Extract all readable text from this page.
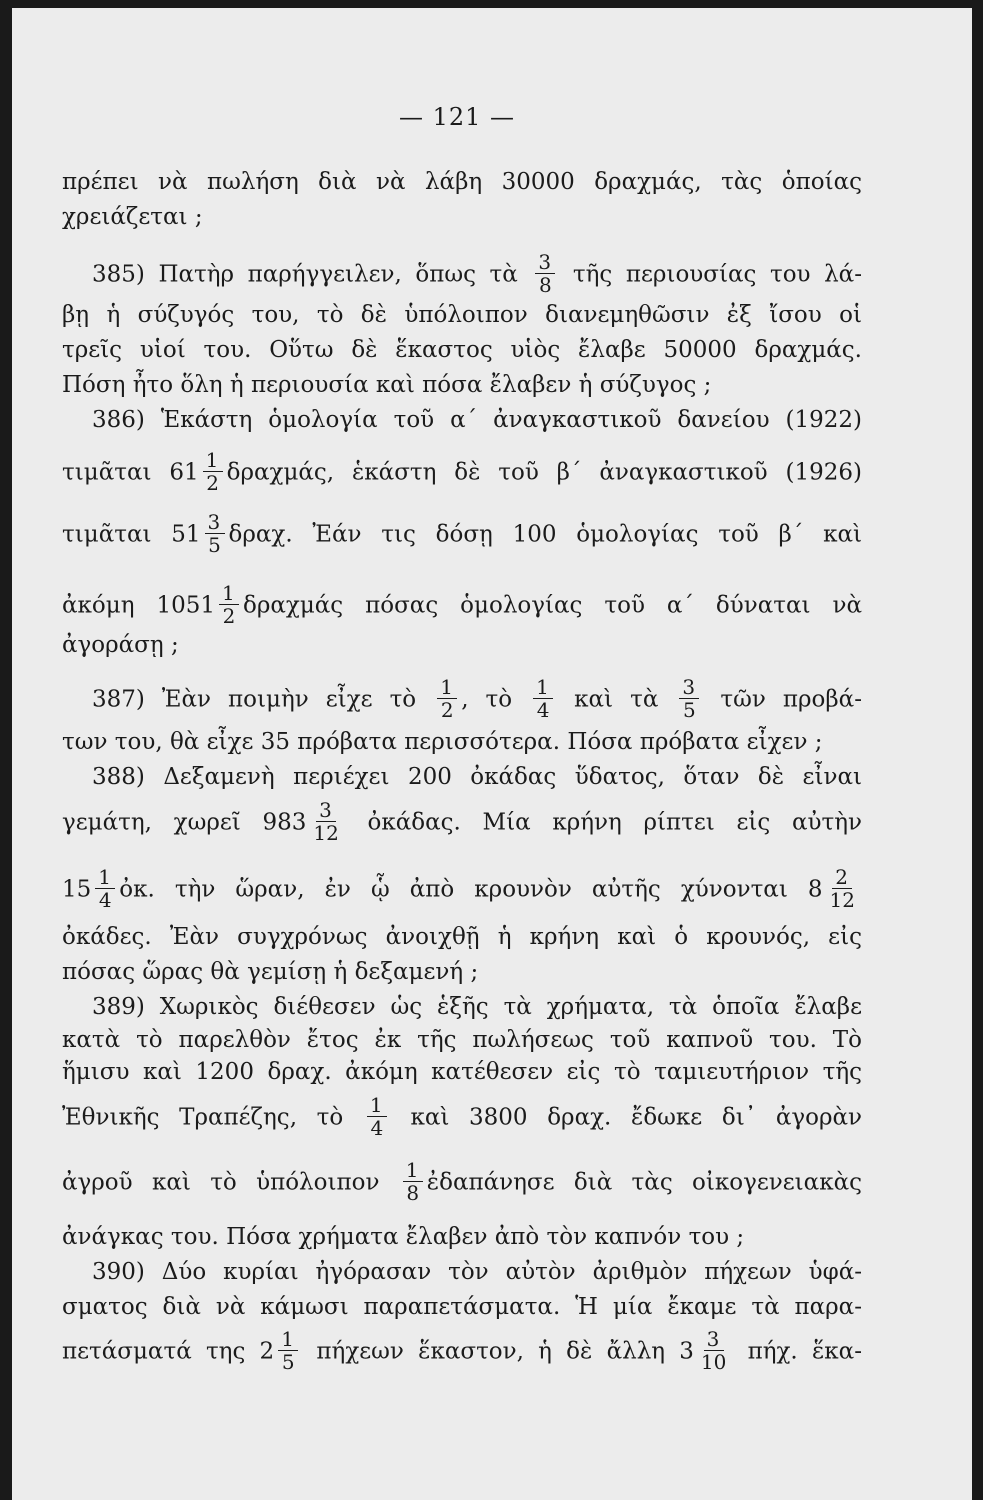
— 121 —
πρέπει νὰ πωλήση διὰ νὰ λάβη 30000 δραχμάς, τὰς ὁποίας
χρειάζεται ;
385) Πατὴρ παρήγγειλεν, ὅπως τὰ $\frac{3}{8}$ τῆς περιουσίας του λά-
βῃ ἡ σύζυγός του, τὸ δὲ ὑπόλοιπον διανεμηθῶσιν ἐξ ἴσου οἱ
τρεῖς υἱοί του. Οὕτω δὲ ἕκαστος υἱὸς ἔλαβε 50000 δραχμάς.
Πόση ἦτο ὅλη ἡ περιουσία καὶ πόσα ἔλαβεν ἡ σύζυγος ;
386) Ἑκάστη ὁμολογία τοῦ α΄ ἀναγκαστικοῦ δανείου (1922)
τιμᾶται $61 \frac{1}{2} \delta\rho\alpha\chi\mu ά\varsigma$, ἑκάστη δὲ τοῦ β΄ ἀναγκαστικοῦ (1926)
τιμᾶται $51 \frac{3}{5} \delta\rho\alpha\chi$. Ἐάν τις δόσῃ 100 ὁμολογίας τοῦ β΄ καὶ
ἀκόμη $1051 \frac{1}{2}$ δραχμάς πόσας ὁμολογίας τοῦ α΄ δύναται νὰ
ἀγοράσῃ ;
387) Ἐὰν ποιμὴν εἶχε τὸ $\frac{1}{2}$ , τὸ $\frac{1}{4}$ καὶ τὰ $\frac{3}{5}$ τῶν προβά-
των του, θὰ εἶχε 35 πρόβατα περισσότερα. Πόσα πρόβατα εἶχεν ;
388) Δεξαμενὴ περιέχει 200 ὀκάδας ὕδατος, ὅταν δὲ εἶναι
γεμάτη, χωρεῖ $983 \frac{3}{12}$ ὀκάδας. Μία κρήνη ρίπτει εἰς αὐτὴν
$15 \frac{1}{4}$ ὀκ. τὴν ὥραν, ἐν ᾧ ἀπὸ κρουνὸν αὐτῆς χύνονται $8 \frac{2}{12}$
ὀκάδες. Ἐὰν συγχρόνως ἀνοιχθῇ ἡ κρήνη καὶ ὁ κρουνός, εἰς
πόσας ὥρας θὰ γεμίσῃ ἡ δεξαμενή ;
389) Χωρικὸς διέθεσεν ὡς ἑξῆς τὰ χρήματα, τὰ ὁποῖα ἔλαβε
κατὰ τὸ παρελθὸν ἔτος ἐκ τῆς πωλήσεως τοῦ καπνοῦ του. Τὸ
ἥμισυ καὶ 1200 δραχ. ἀκόμη κατέθεσεν εἰς τὸ ταμιευτήριον τῆς
Ἐθνικῆς Τραπέζης, τὸ $\frac{1}{4}$ καὶ 3800 δραχ. ἔδωκε δι᾽ ἀγορὰν
ἀγροῦ καὶ τὸ ὑπόλοιπον $\frac{1}{8}$ ἐδαπάνησε διὰ τὰς οἰκογενειακὰς
ἀνάγκας του. Πόσα χρήματα ἔλαβεν ἀπὸ τὸν καπνόν του ;
390) Δύο κυρίαι ἠγόρασαν τὸν αὐτὸν ἀριθμὸν πήχεων ὑφά-
σματος διὰ νὰ κάμωσι παραπετάσματα. Ἡ μία ἔκαμε τὰ παρα-
πετάσματά της $2 \frac{1}{5}$ πήχεων ἕκαστον, ἡ δὲ ἄλλη $3 \frac{3}{10} \pi ή\chi$. ἕκα-
